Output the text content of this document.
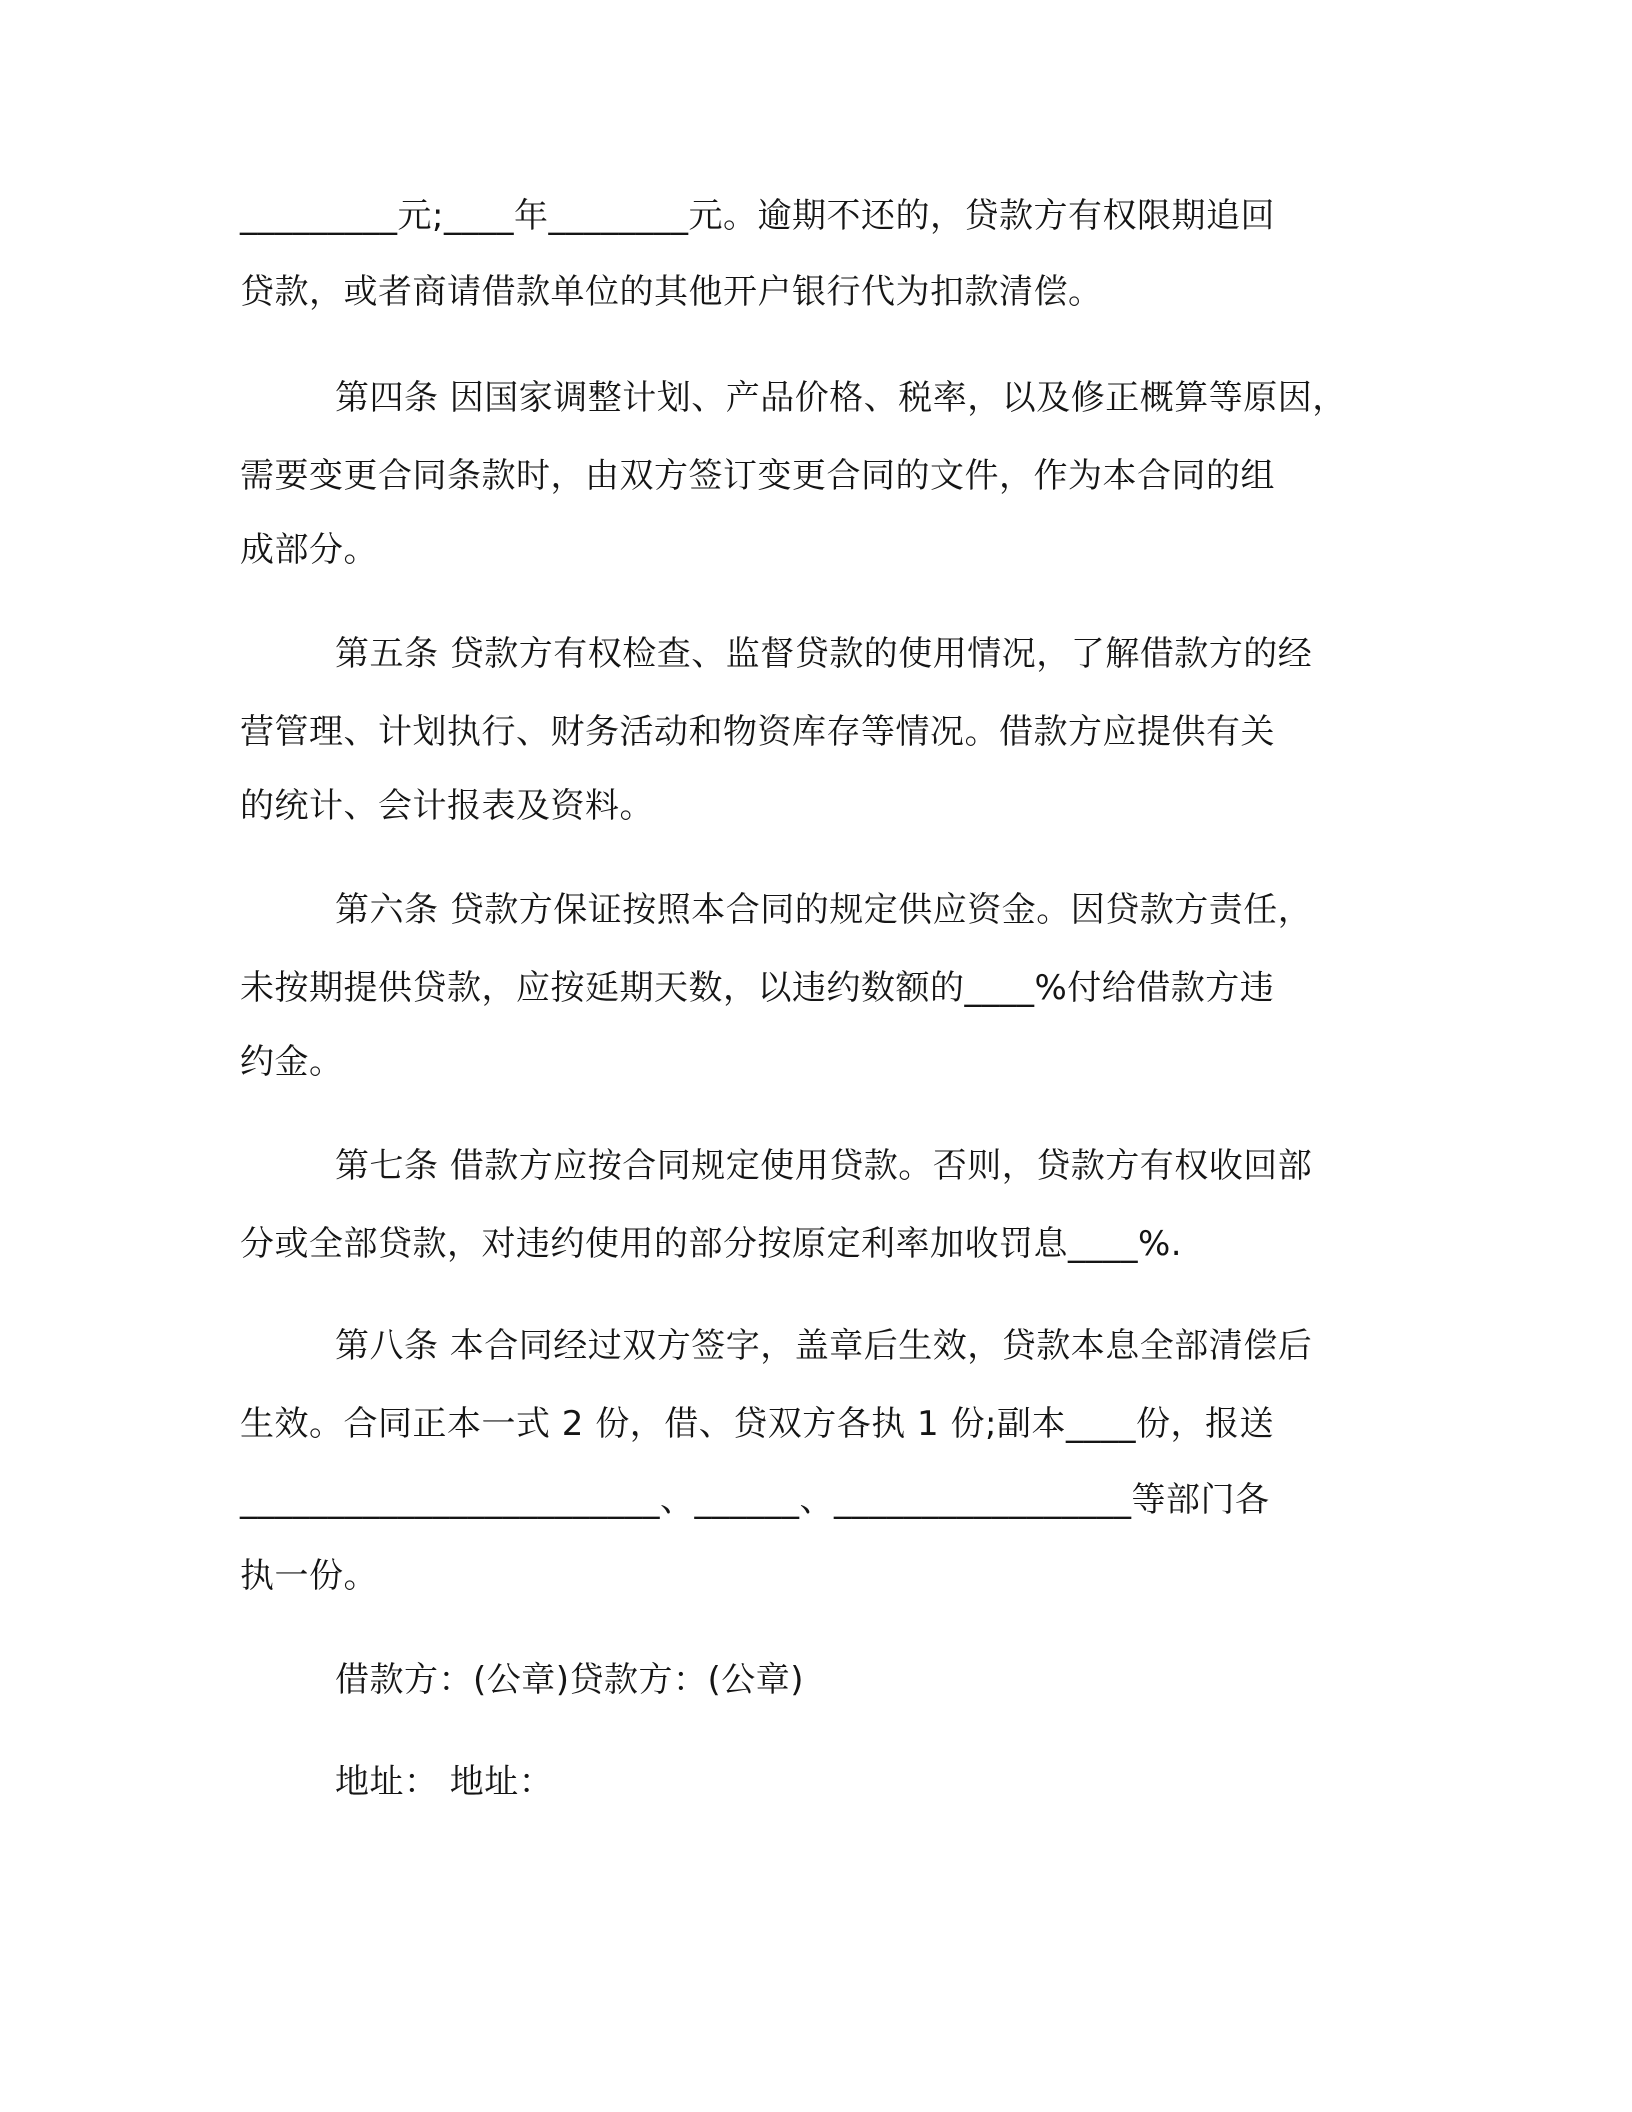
_________元;____年________元。逾期不还的，贷款方有权限期追回
贷款，或者商请借款单位的其他开户银行代为扣款清偿。
第四条 因国家调整计划、产品价格、税率，以及修正概算等原因，
需要变更合同条款时，由双方签订变更合同的文件，作为本合同的组
成部分。
第五条 贷款方有权检查、监督贷款的使用情况，了解借款方的经
营管理、计划执行、财务活动和物资库存等情况。借款方应提供有关
的统计、会计报表及资料。
第六条 贷款方保证按照本合同的规定供应资金。因贷款方责任，
未按期提供贷款，应按延期天数，以违约数额的____%付给借款方违
约金。
第七条 借款方应按合同规定使用贷款。否则，贷款方有权收回部
分或全部贷款，对违约使用的部分按原定利率加收罚息____%.
第八条 本合同经过双方签字，盖章后生效，贷款本息全部清偿后
生效。合同正本一式 2 份，借、贷双方各执 1 份;副本____份，报送
________________________、______、_________________等部门各
执一份。
借款方：(公章)贷款方：(公章)
地址： 地址：
